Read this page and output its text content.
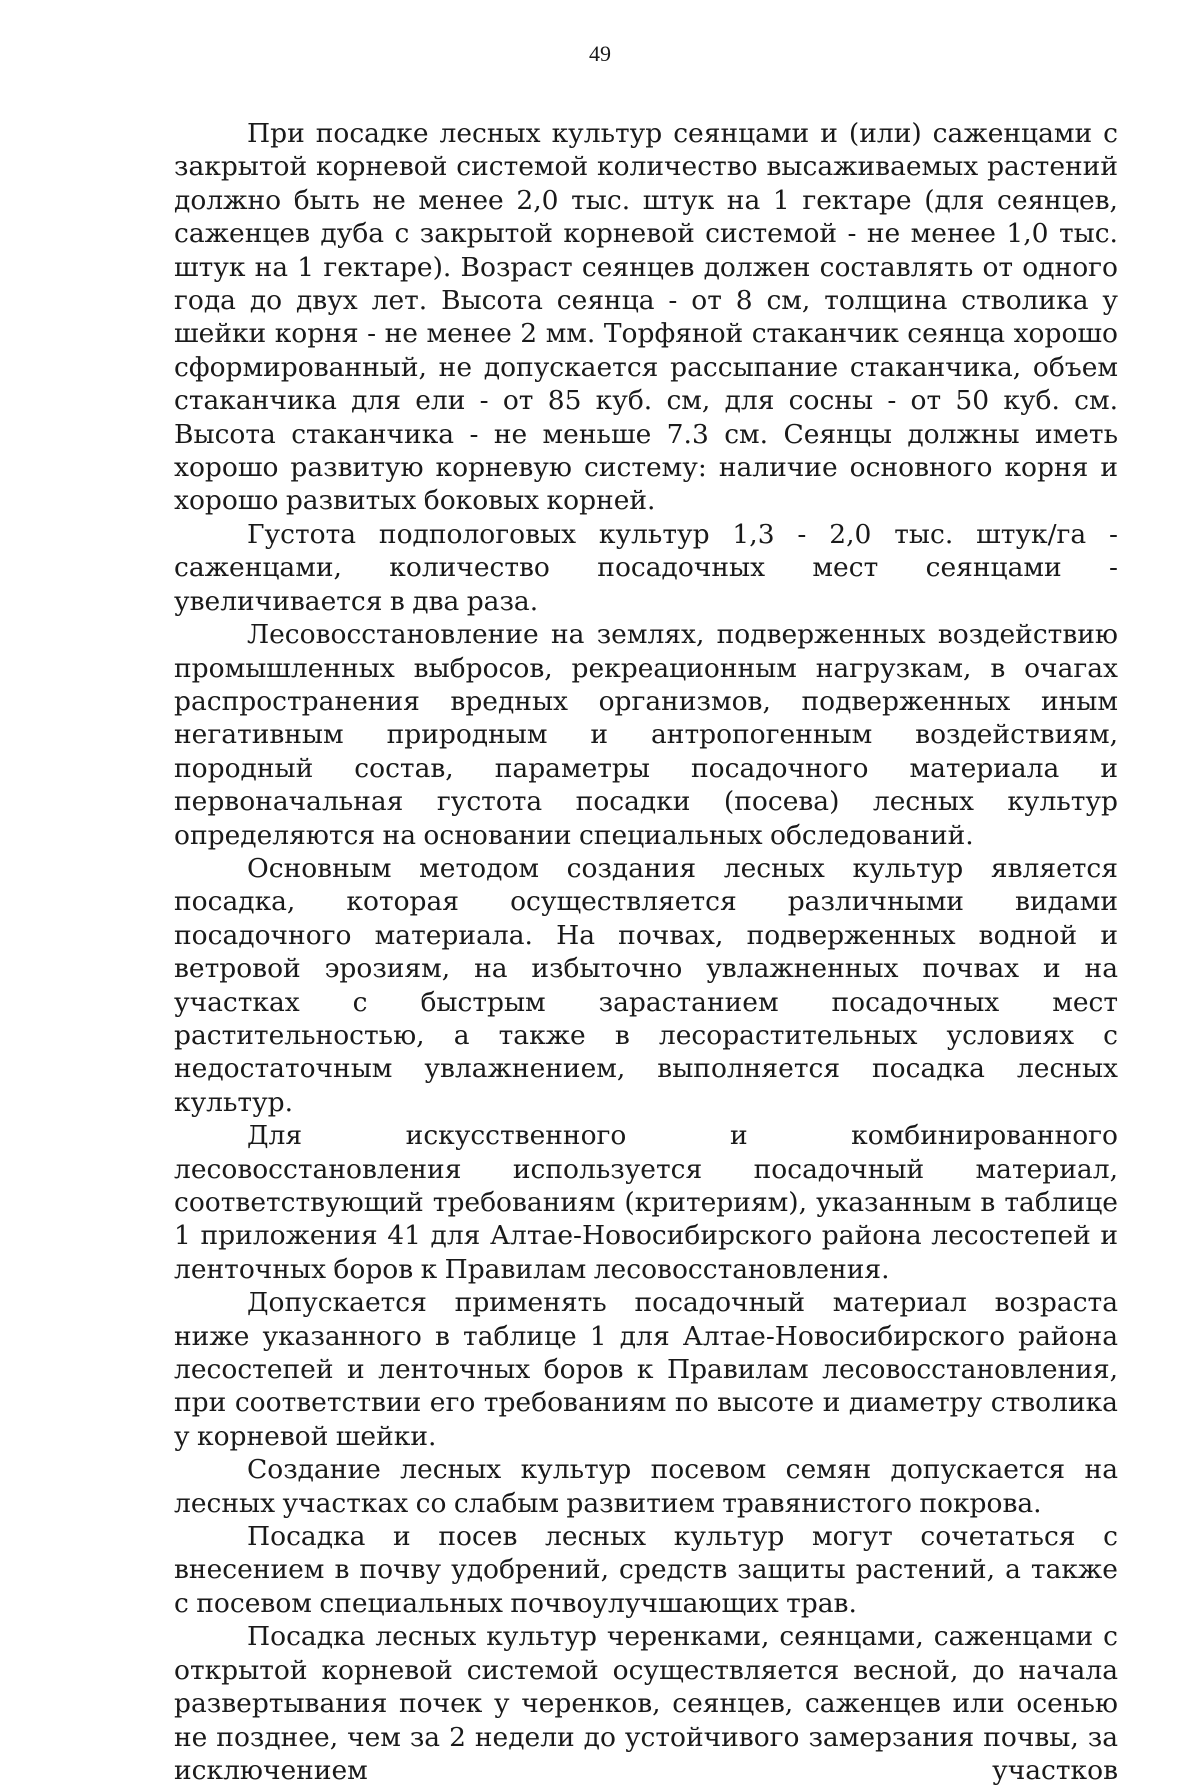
49

При посадке лесных культур сеянцами и (или) саженцами с закрытой корневой системой количество высаживаемых растений должно быть не менее 2,0 тыс. штук на 1 гектаре (для сеянцев, саженцев дуба с закрытой корневой системой - не менее 1,0 тыс. штук на 1 гектаре). Возраст сеянцев должен составлять от одного года до двух лет. Высота сеянца - от 8 см, толщина стволика у шейки корня - не менее 2 мм. Торфяной стаканчик сеянца хорошо сформированный, не допускается рассыпание стаканчика, объем стаканчика для ели - от 85 куб. см, для сосны - от 50 куб. см. Высота стаканчика - не меньше 7.3 см. Сеянцы должны иметь хорошо развитую корневую систему: наличие основного корня и хорошо развитых боковых корней.

Густота подпологовых культур 1,3 - 2,0 тыс. штук/га - саженцами, количество посадочных мест сеянцами - увеличивается в два раза.

Лесовосстановление на землях, подверженных воздействию промышленных выбросов, рекреационным нагрузкам, в очагах распространения вредных организмов, подверженных иным негативным природным и антропогенным воздействиям, породный состав, параметры посадочного материала и первоначальная густота посадки (посева) лесных культур определяются на основании специальных обследований.

Основным методом создания лесных культур является посадка, которая осуществляется различными видами посадочного материала. На почвах, подверженных водной и ветровой эрозиям, на избыточно увлажненных почвах и на участках с быстрым зарастанием посадочных мест растительностью, а также в лесорастительных условиях с недостаточным увлажнением, выполняется посадка лесных культур.

Для искусственного и комбинированного лесовосстановления используется посадочный материал, соответствующий требованиям (критериям), указанным в таблице 1 приложения 41 для Алтае-Новосибирского района лесостепей и ленточных боров к Правилам лесовосстановления.

Допускается применять посадочный материал возраста ниже указанного в таблице 1 для Алтае-Новосибирского района лесостепей и ленточных боров к Правилам лесовосстановления, при соответствии его требованиям по высоте и диаметру стволика у корневой шейки.

Создание лесных культур посевом семян допускается на лесных участках со слабым развитием травянистого покрова.

Посадка и посев лесных культур могут сочетаться с внесением в почву удобрений, средств защиты растений, а также с посевом специальных почвоулучшающих трав.

Посадка лесных культур черенками, сеянцами, саженцами с открытой корневой системой осуществляется весной, до начала развертывания почек у черенков, сеянцев, саженцев или осенью не позднее, чем за 2 недели до устойчивого замерзания почвы, за исключением участков
